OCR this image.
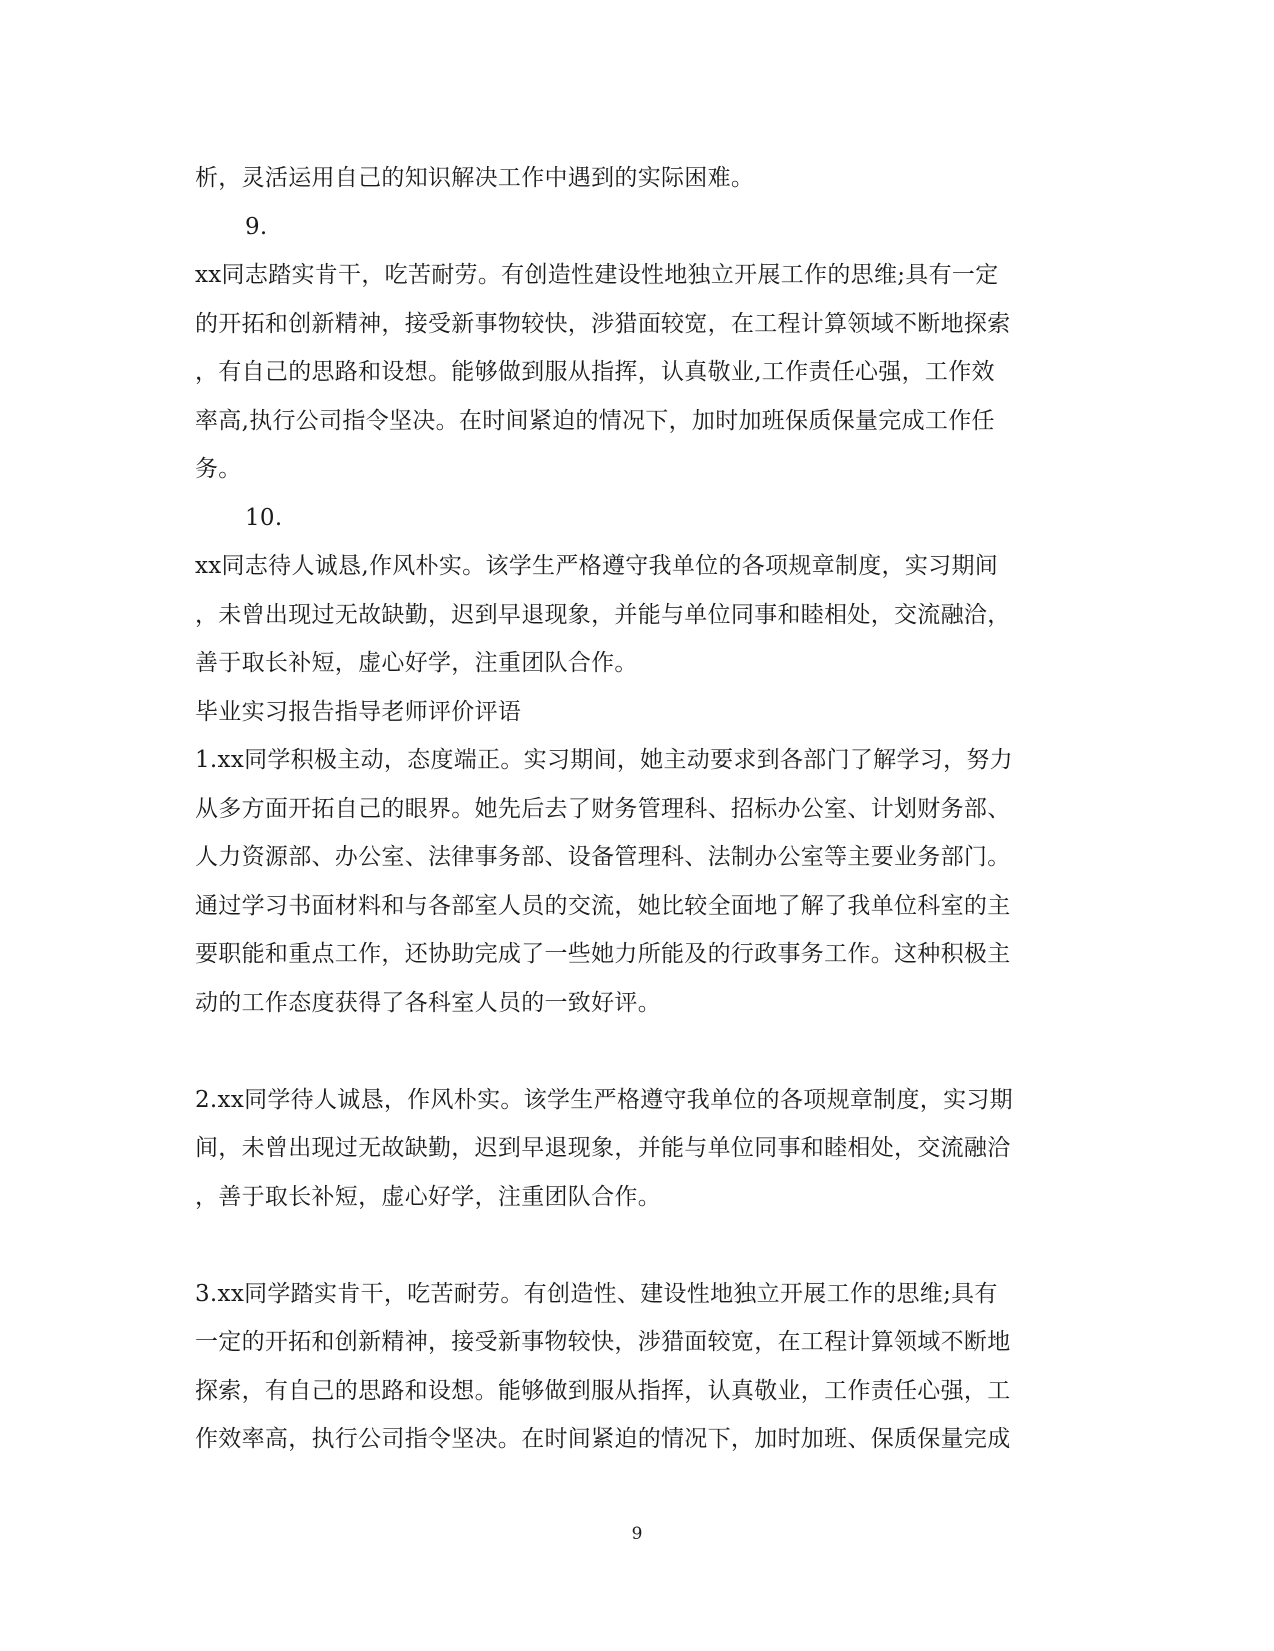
析，灵活运用自己的知识解决工作中遇到的实际困难。
9.
xx同志踏实肯干，吃苦耐劳。有创造性建设性地独立开展工作的思维;具有一定
的开拓和创新精神，接受新事物较快，涉猎面较宽，在工程计算领域不断地探索
，有自己的思路和设想。能够做到服从指挥，认真敬业,工作责任心强，工作效
率高,执行公司指令坚决。在时间紧迫的情况下，加时加班保质保量完成工作任
务。
10.
xx同志待人诚恳,作风朴实。该学生严格遵守我单位的各项规章制度，实习期间
，未曾出现过无故缺勤，迟到早退现象，并能与单位同事和睦相处，交流融洽，
善于取长补短，虚心好学，注重团队合作。
毕业实习报告指导老师评价评语
1.xx同学积极主动，态度端正。实习期间，她主动要求到各部门了解学习，努力
从多方面开拓自己的眼界。她先后去了财务管理科、招标办公室、计划财务部、
人力资源部、办公室、法律事务部、设备管理科、法制办公室等主要业务部门。
通过学习书面材料和与各部室人员的交流，她比较全面地了解了我单位科室的主
要职能和重点工作，还协助完成了一些她力所能及的行政事务工作。这种积极主
动的工作态度获得了各科室人员的一致好评。
2.xx同学待人诚恳，作风朴实。该学生严格遵守我单位的各项规章制度，实习期
间，未曾出现过无故缺勤，迟到早退现象，并能与单位同事和睦相处，交流融洽
，善于取长补短，虚心好学，注重团队合作。
3.xx同学踏实肯干，吃苦耐劳。有创造性、建设性地独立开展工作的思维;具有
一定的开拓和创新精神，接受新事物较快，涉猎面较宽，在工程计算领域不断地
探索，有自己的思路和设想。能够做到服从指挥，认真敬业，工作责任心强，工
作效率高，执行公司指令坚决。在时间紧迫的情况下，加时加班、保质保量完成
9
